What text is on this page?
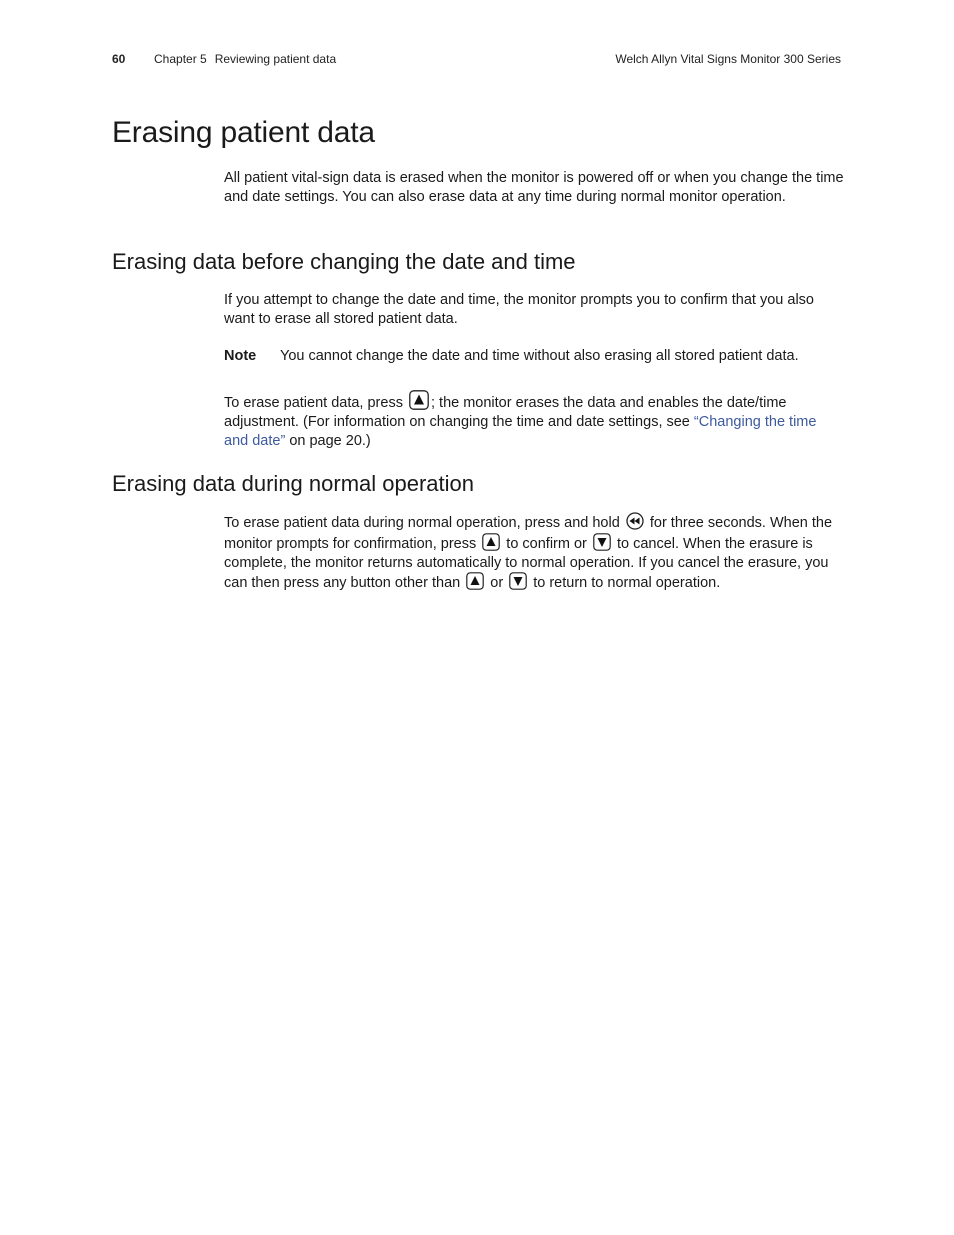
60 Chapter 5 Reviewing patient data	Welch Allyn Vital Signs Monitor 300 Series
Erasing patient data

All patient vital-sign data is erased when the monitor is powered off or when you change the time and date settings. You can also erase data at any time during normal monitor operation.

Erasing data before changing the date and time

If you attempt to change the date and time, the monitor prompts you to confirm that you also want to erase all stored patient data.

Note You cannot change the date and time without also erasing all stored patient data.

To erase patient data, press ; the monitor erases the data and enables the date/time adjustment. (For information on changing the time and date settings, see “Changing the time and date” on page 20.)

Erasing data during normal operation

To erase patient data during normal operation, press and hold for three seconds. When the monitor prompts for confirmation, press to confirm or to cancel. When the erasure is complete, the monitor returns automatically to normal operation. If you cancel the erasure, you can then press any button other than or to return to normal operation.
